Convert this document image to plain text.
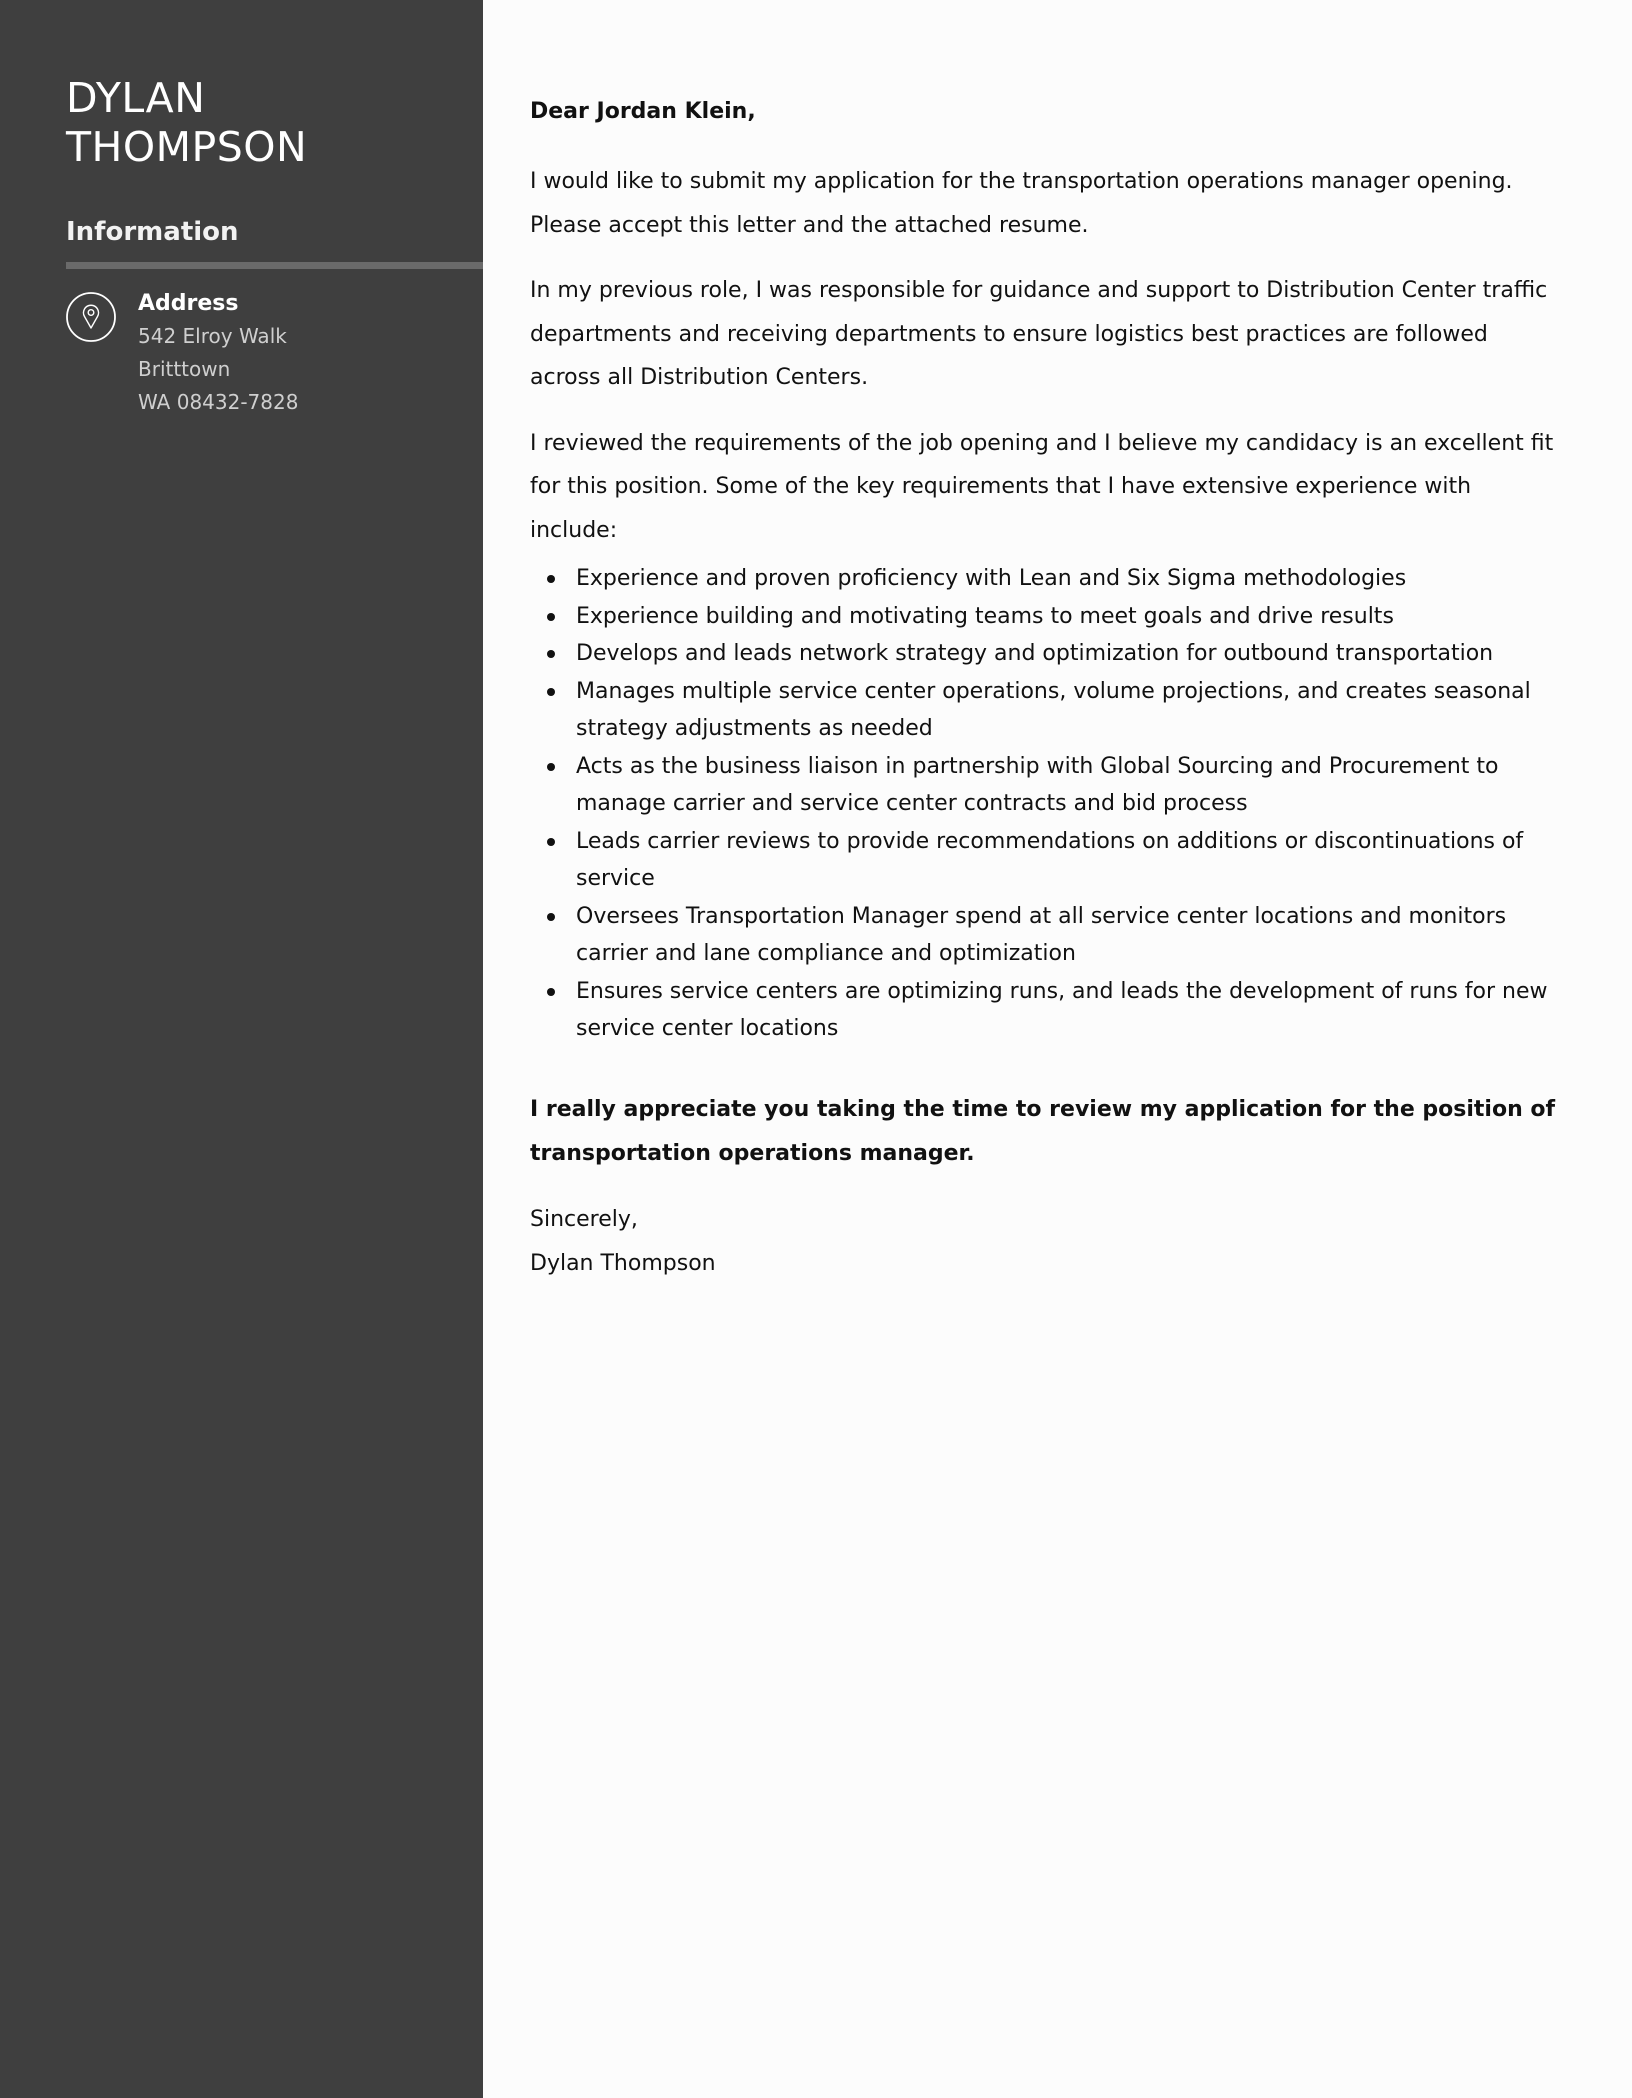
DYLAN
THOMPSON
Information
Address
542 Elroy Walk
Britttown
WA 08432-7828

Dear Jordan Klein,

I would like to submit my application for the transportation operations manager opening. Please accept this letter and the attached resume.

In my previous role, I was responsible for guidance and support to Distribution Center traffic departments and receiving departments to ensure logistics best practices are followed across all Distribution Centers.

I reviewed the requirements of the job opening and I believe my candidacy is an excellent fit for this position. Some of the key requirements that I have extensive experience with include:

Experience and proven proficiency with Lean and Six Sigma methodologies
Experience building and motivating teams to meet goals and drive results
Develops and leads network strategy and optimization for outbound transportation
Manages multiple service center operations, volume projections, and creates seasonal strategy adjustments as needed
Acts as the business liaison in partnership with Global Sourcing and Procurement to manage carrier and service center contracts and bid process
Leads carrier reviews to provide recommendations on additions or discontinuations of service
Oversees Transportation Manager spend at all service center locations and monitors carrier and lane compliance and optimization
Ensures service centers are optimizing runs, and leads the development of runs for new service center locations

I really appreciate you taking the time to review my application for the position of transportation operations manager.

Sincerely,

Dylan Thompson
